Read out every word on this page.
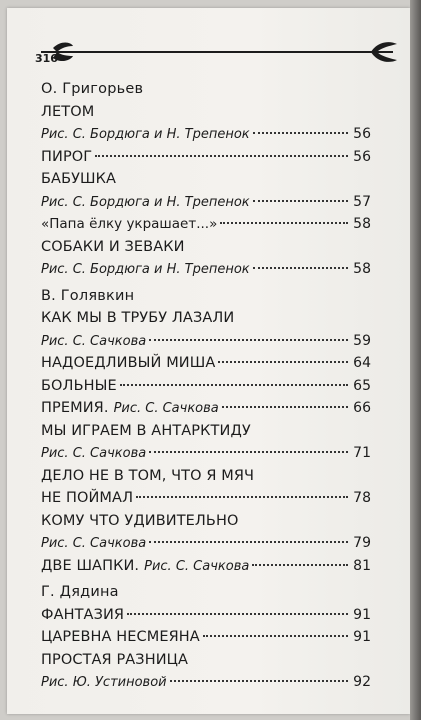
316
О. Григорьев
ЛЕТОМ
Рис. С. Бордюга и Н. Трепенок	56
ПИРОГ	56
БАБУШКА
Рис. С. Бордюга и Н. Трепенок	57
«Папа ёлку украшает...»	58
СОБАКИ И ЗЕВАКИ
Рис. С. Бордюга и Н. Трепенок	58
В. Голявкин
КАК МЫ В ТРУБУ ЛАЗАЛИ
Рис. С. Сачкова	59
НАДОЕДЛИВЫЙ МИША	64
БОЛЬНЫЕ	65
ПРЕМИЯ. Рис. С. Сачкова	66
МЫ ИГРАЕМ В АНТАРКТИДУ
Рис. С. Сачкова	71
ДЕЛО НЕ В ТОМ, ЧТО Я МЯЧ
НЕ ПОЙМАЛ	78
КОМУ ЧТО УДИВИТЕЛЬНО
Рис. С. Сачкова	79
ДВЕ ШАПКИ. Рис. С. Сачкова	81
Г. Дядина
ФАНТАЗИЯ	91
ЦАРЕВНА НЕСМЕЯНА	91
ПРОСТАЯ РАЗНИЦА
Рис. Ю. Устиновой	92
